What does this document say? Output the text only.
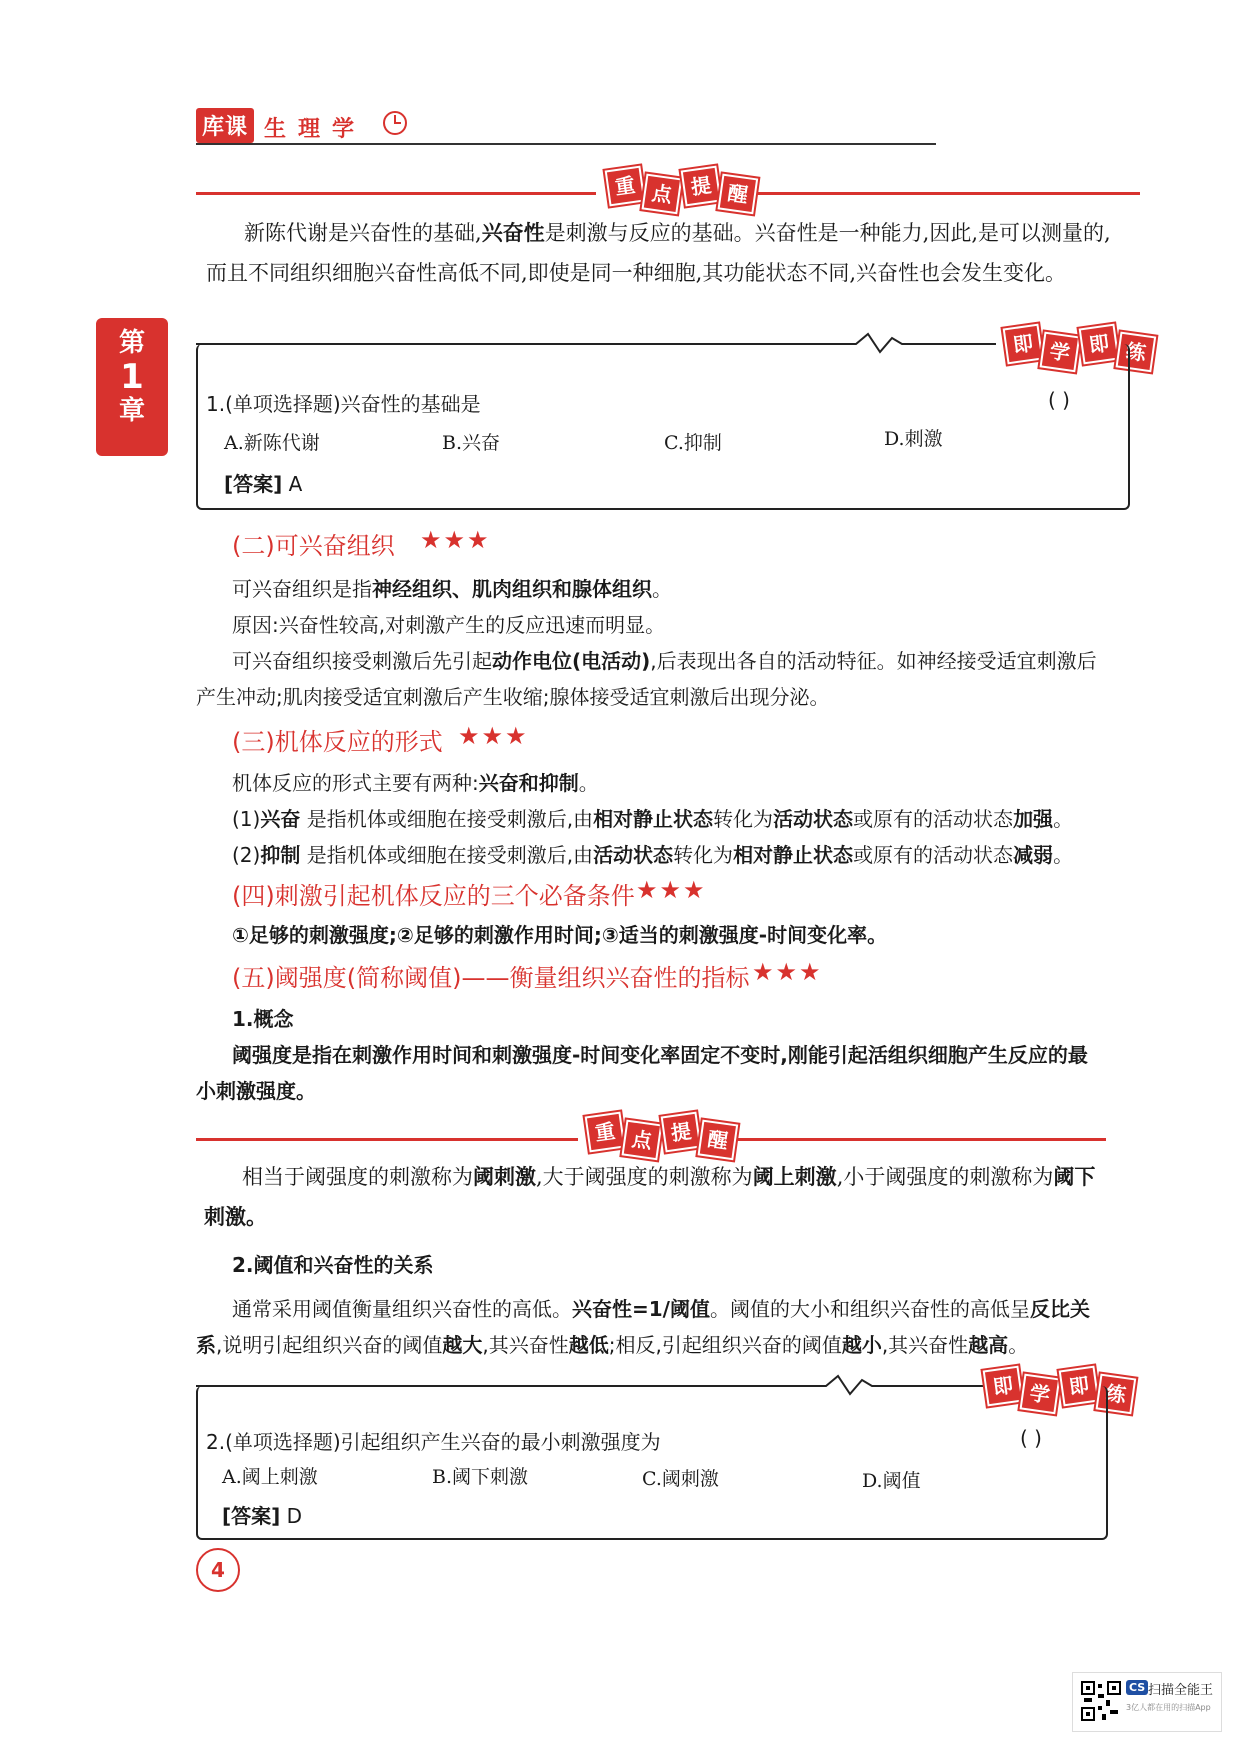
库课 生理学
第
1
章
重 点 提 醒
新陈代谢是兴奋性的基础,兴奋性是刺激与反应的基础。兴奋性是一种能力,因此,是可以测量的,
而且不同组织细胞兴奋性高低不同,即使是同一种细胞,其功能状态不同,兴奋性也会发生变化。
即 学 即 练
1.(单项选择题)兴奋性的基础是	( )
A.新陈代谢	B.兴奋	C.抑制	D.刺激
[答案] A
(二)可兴奋组织 ★★★
可兴奋组织是指神经组织、肌肉组织和腺体组织。
原因:兴奋性较高,对刺激产生的反应迅速而明显。
可兴奋组织接受刺激后先引起动作电位(电活动),后表现出各自的活动特征。如神经接受适宜刺激后
产生冲动;肌肉接受适宜刺激后产生收缩;腺体接受适宜刺激后出现分泌。
(三)机体反应的形式 ★★★
机体反应的形式主要有两种:兴奋和抑制。
(1)兴奋 是指机体或细胞在接受刺激后,由相对静止状态转化为活动状态或原有的活动状态加强。
(2)抑制 是指机体或细胞在接受刺激后,由活动状态转化为相对静止状态或原有的活动状态减弱。
(四)刺激引起机体反应的三个必备条件 ★★★
①足够的刺激强度;②足够的刺激作用时间;③适当的刺激强度-时间变化率。
(五)阈强度(简称阈值)——衡量组织兴奋性的指标 ★★★
1.概念
阈强度是指在刺激作用时间和刺激强度-时间变化率固定不变时,刚能引起活组织细胞产生反应的最
小刺激强度。
重 点 提 醒
相当于阈强度的刺激称为阈刺激,大于阈强度的刺激称为阈上刺激,小于阈强度的刺激称为阈下
刺激。
2.阈值和兴奋性的关系
通常采用阈值衡量组织兴奋性的高低。兴奋性=1/阈值。阈值的大小和组织兴奋性的高低呈反比关
系,说明引起组织兴奋的阈值越大,其兴奋性越低;相反,引起组织兴奋的阈值越小,其兴奋性越高。
即 学 即 练
2.(单项选择题)引起组织产生兴奋的最小刺激强度为	( )
A.阈上刺激	B.阈下刺激	C.阈刺激	D.阈值
[答案] D
4
CS 扫描全能王
3亿人都在用的扫描App
